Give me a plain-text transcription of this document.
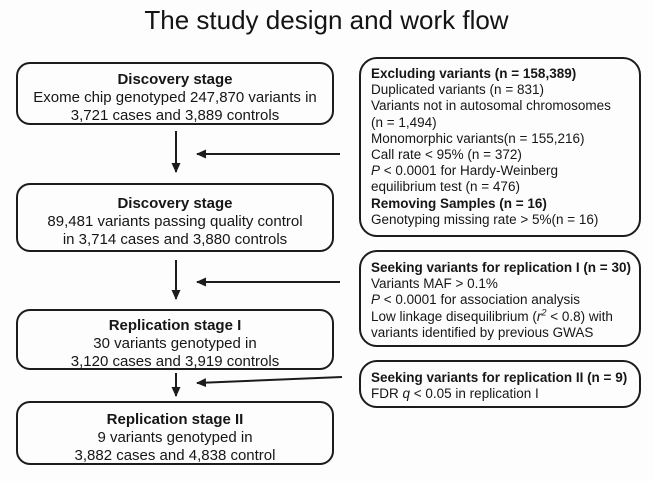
The study design and work flow
Discovery stage
Exome chip genotyped 247,870 variants in
3,721 cases and 3,889 controls
Discovery stage
89,481 variants passing quality control
in 3,714 cases and 3,880 controls
Replication stage I
30 variants genotyped in
3,120 cases and 3,919 controls
Replication stage II
9 variants genotyped in
3,882 cases and 4,838 control
Excluding variants (n = 158,389)
Duplicated variants (n = 831)
Variants not in autosomal chromosomes
(n = 1,494)
Monomorphic variants(n = 155,216)
Call rate < 95% (n = 372)
P < 0.0001 for Hardy-Weinberg
equilibrium test (n = 476)
Removing Samples (n = 16)
Genotyping missing rate > 5%(n = 16)
Seeking variants for replication I (n = 30)
Variants MAF > 0.1%
P < 0.0001 for association analysis
Low linkage disequilibrium $(r^2 < 0.8)$ with
variants identified by previous GWAS
Seeking variants for replication II (n = 9)
FDR q < 0.05 in replication I
